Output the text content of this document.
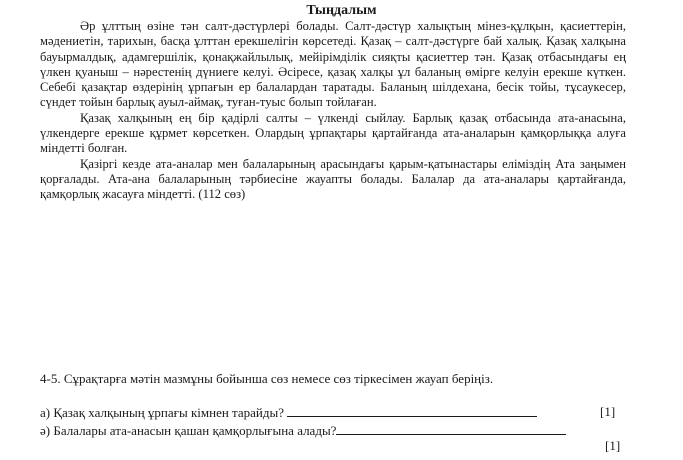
Тыңдалым

Әр ұлттың өзіне тән салт-дәстүрлері болады. Салт-дәстүр халықтың мінез-құлқын, қасиеттерін, мәдениетін, тарихын, басқа ұлттан ерекшелігін көрсетеді. Қазақ – салт-дәстүрге бай халық. Қазақ халқына бауырмалдық, адамгершілік, қонақжайлылық, мейірімділік сияқты қасиеттер тән. Қазақ отбасындағы ең үлкен қуаныш – нәрестенің дүниеге келуі. Әсіресе, қазақ халқы ұл баланың өміргe келуін ерекше күткен. Себебі қазақтар өздерінің ұрпағын ер балалардан таратады. Баланың шілдехана, бесік тойы, тұсаукесер, сүндет тойын барлық ауыл-аймақ, туған-туыс болып тойлаған.

Қазақ халқының ең бір қадірлі салты – үлкенді сыйлау. Барлық қазақ отбасында ата-анасына, үлкендерге ерекше құрмет көрсеткен. Олардың ұрпақтары қартайғанда ата-аналарын қамқорлыққа алуға міндетті болған.

Қазіргі кезде ата-аналар мен балаларының арасындағы қарым-қатынастары елімiздің Ата заңымен қорғалады. Ата-ана балаларының тәрбиесіне жауапты болады. Балалар да ата-аналары қартайғанда, қамқорлық жасауға міндетті. (112 сөз)

4-5. Сұрақтарға мәтін мазмұны бойынша сөз немесе сөз тіркесімен жауап беріңіз.
а) Қазақ халқының ұрпағы кімнен тарайды?	[1]
ә) Балалары ата-анасын қашан қамқорлығына алады?
[1]
